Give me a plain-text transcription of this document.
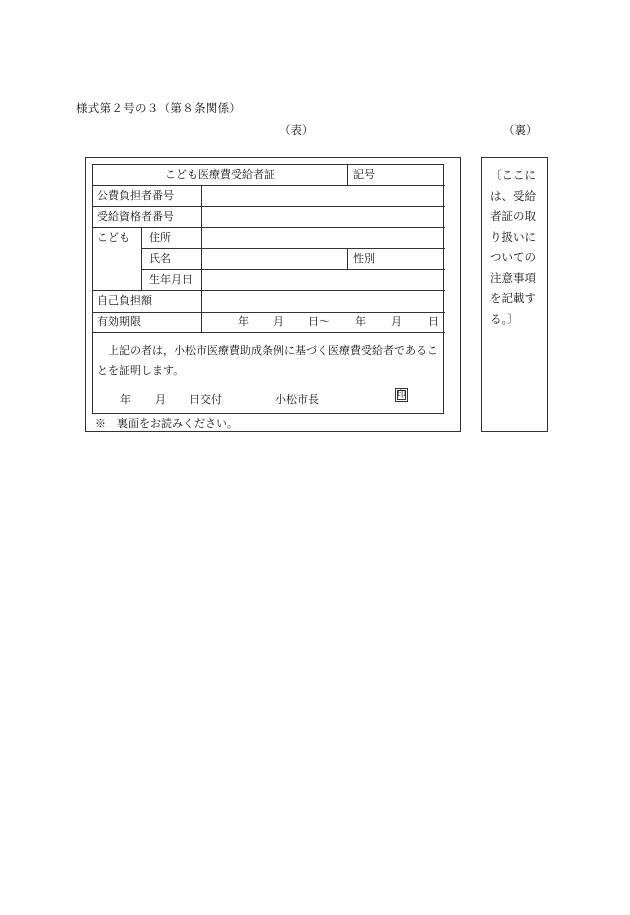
様式第２号の３（第８条関係）
（表）	（裏）
こども医療費受給者証	記号
公費負担者番号
受給資格者番号
こども 住所
氏名	性別
生年月日
自己負担額
有効期限	年 月 日〜 年 月 日
上記の者は，小松市医療費助成条例に基づく医療費受給者であることを証明します。
年 月 日交付	小松市長	印
※　裏面をお読みください。
〔ここに
は、受給
者証の取
り扱いに
ついての
注意事項
を記載す
る。〕
